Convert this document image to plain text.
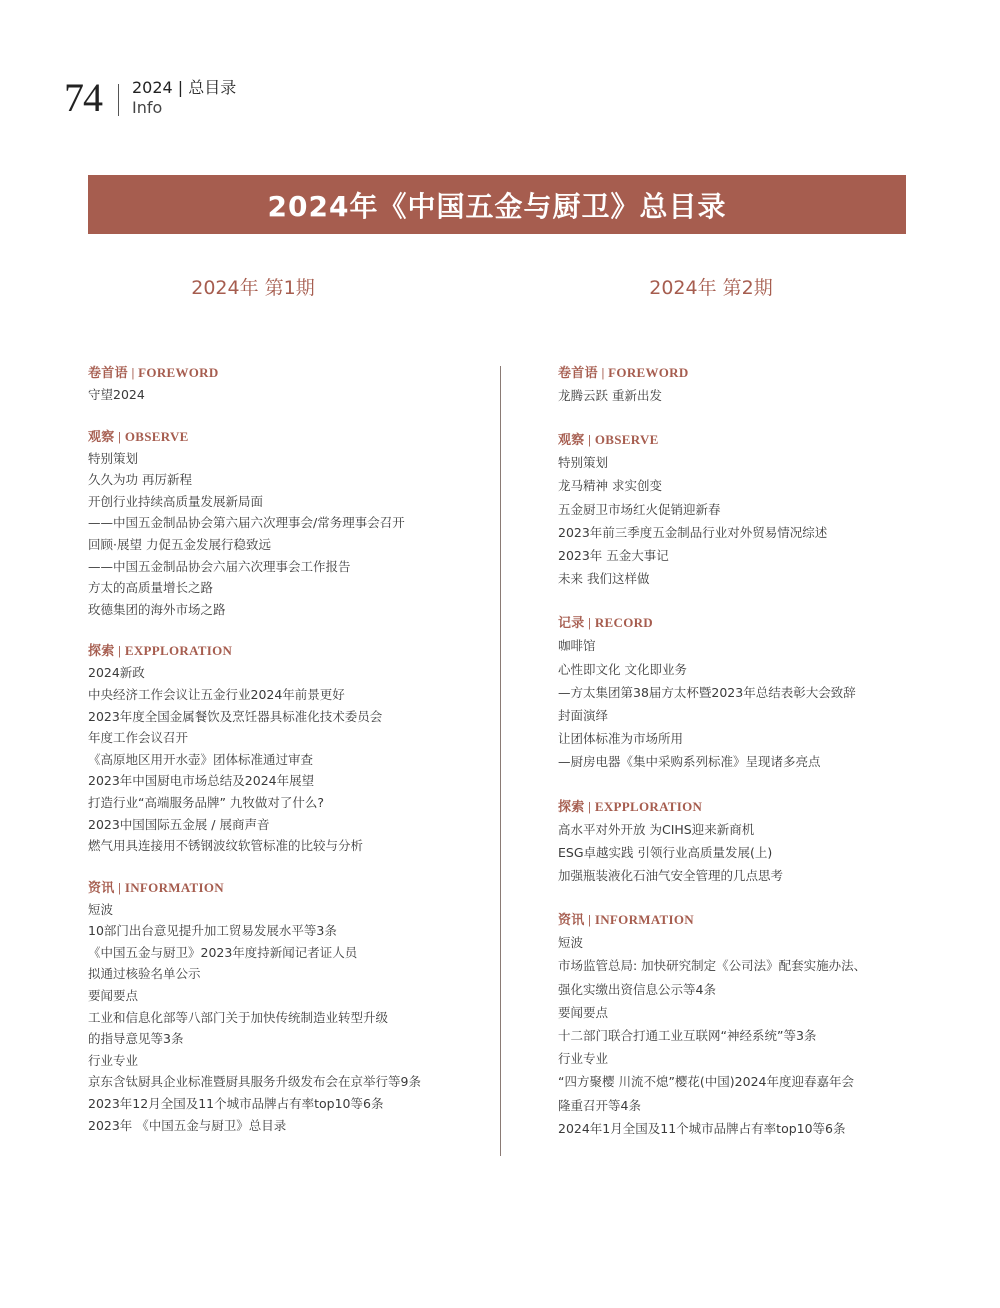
74 2024 | 总目录
Info
2024年《中国五金与厨卫》总目录
2024年 第1期	2024年 第2期
卷首语 | FOREWORD
守望2024
观察 | OBSERVE
特别策划
久久为功 再厉新程
开创行业持续高质量发展新局面
——中国五金制品协会第六届六次理事会/常务理事会召开
回顾·展望 力促五金发展行稳致远
——中国五金制品协会六届六次理事会工作报告
方太的高质量增长之路
玫德集团的海外市场之路
探索 | EXPPLORATION
2024新政
中央经济工作会议让五金行业2024年前景更好
2023年度全国金属餐饮及烹饪器具标准化技术委员会
年度工作会议召开
《高原地区用开水壶》团体标准通过审查
2023年中国厨电市场总结及2024年展望
打造行业“高端服务品牌” 九牧做对了什么?
2023中国国际五金展 / 展商声音
燃气用具连接用不锈钢波纹软管标准的比较与分析
资讯 | INFORMATION
短波
10部门出台意见提升加工贸易发展水平等3条
《中国五金与厨卫》2023年度持新闻记者证人员
拟通过核验名单公示
要闻要点
工业和信息化部等八部门关于加快传统制造业转型升级
的指导意见等3条
行业专业
京东含钛厨具企业标准暨厨具服务升级发布会在京举行等9条
2023年12月全国及11个城市品牌占有率top10等6条
2023年 《中国五金与厨卫》总目录
卷首语 | FOREWORD
龙腾云跃 重新出发
观察 | OBSERVE
特别策划
龙马精神 求实创变
五金厨卫市场红火促销迎新春
2023年前三季度五金制品行业对外贸易情况综述
2023年 五金大事记
未来 我们这样做
记录 | RECORD
咖啡馆
心性即文化 文化即业务
—方太集团第38届方太杯暨2023年总结表彰大会致辞
封面演绎
让团体标准为市场所用
—厨房电器《集中采购系列标准》呈现诸多亮点
探索 | EXPPLORATION
高水平对外开放 为CIHS迎来新商机
ESG卓越实践 引领行业高质量发展(上)
加强瓶装液化石油气安全管理的几点思考
资讯 | INFORMATION
短波
市场监管总局: 加快研究制定《公司法》配套实施办法、
强化实缴出资信息公示等4条
要闻要点
十二部门联合打通工业互联网“神经系统”等3条
行业专业
“四方聚樱 川流不熄”樱花(中国)2024年度迎春嘉年会
隆重召开等4条
2024年1月全国及11个城市品牌占有率top10等6条
